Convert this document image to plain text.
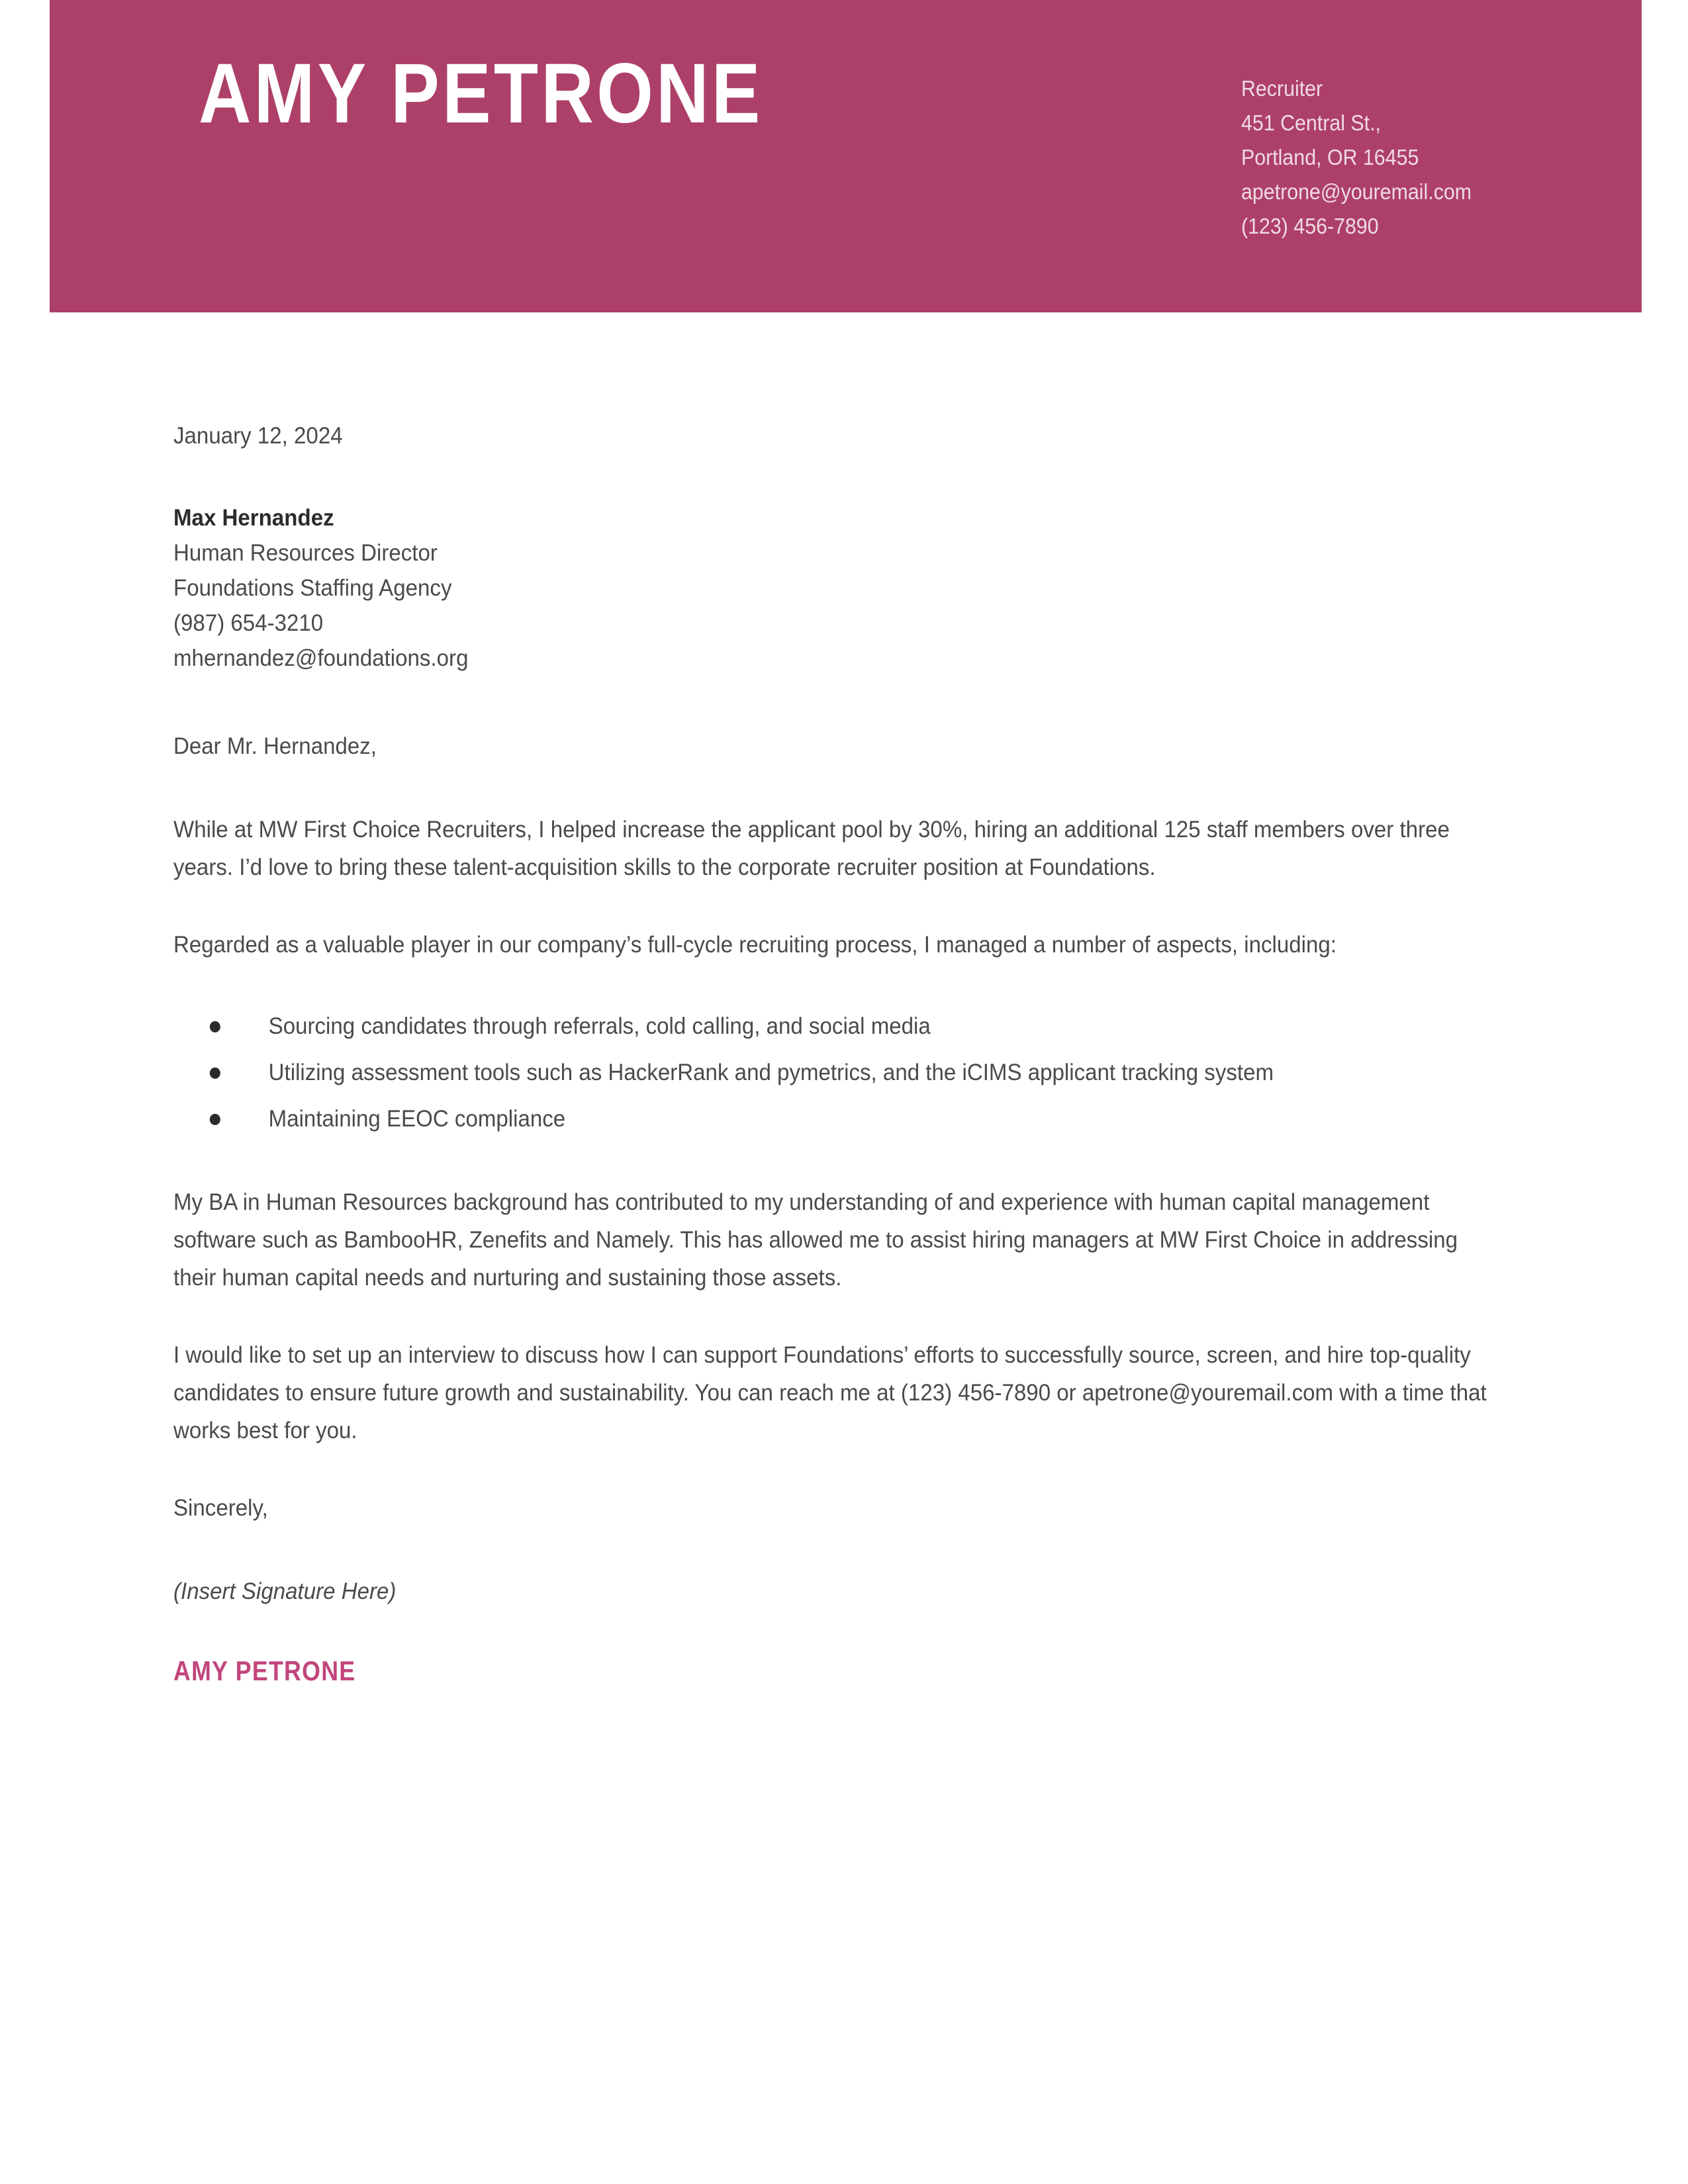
AMY PETRONE	Recruiter
451 Central St.,
Portland, OR 16455
apetrone@youremail.com
(123) 456-7890
January 12, 2024
Max Hernandez
Human Resources Director
Foundations Staffing Agency
(987) 654-3210
mhernandez@foundations.org
Dear Mr. Hernandez,

While at MW First Choice Recruiters, I helped increase the applicant pool by 30%, hiring an additional 125 staff members over three years. I’d love to bring these talent-acquisition skills to the corporate recruiter position at Foundations.

Regarded as a valuable player in our company’s full-cycle recruiting process, I managed a number of aspects, including:

Sourcing candidates through referrals, cold calling, and social media
Utilizing assessment tools such as HackerRank and pymetrics, and the iCIMS applicant tracking system
Maintaining EEOC compliance

My BA in Human Resources background has contributed to my understanding of and experience with human capital management software such as BambooHR, Zenefits and Namely. This has allowed me to assist hiring managers at MW First Choice in addressing their human capital needs and nurturing and sustaining those assets.

I would like to set up an interview to discuss how I can support Foundations’ efforts to successfully source, screen, and hire top-quality candidates to ensure future growth and sustainability. You can reach me at (123) 456-7890 or apetrone@youremail.com with a time that works best for you.

Sincerely,
(Insert Signature Here)
AMY PETRONE
